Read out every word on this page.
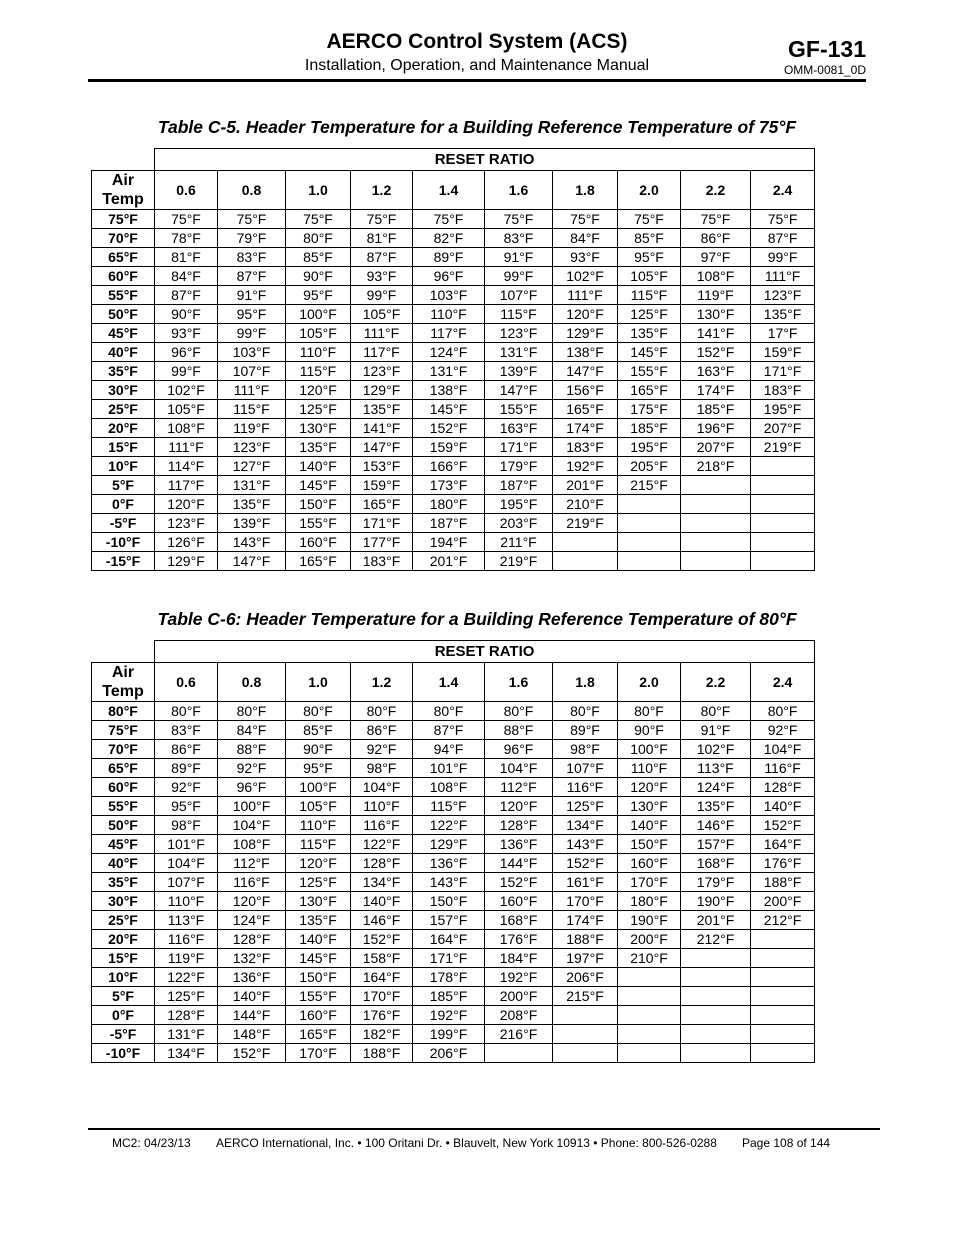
AERCO Control System (ACS)
Installation, Operation, and Maintenance Manual
GF-131
OMM-0081_0D
Table C-5. Header Temperature for a Building Reference Temperature of 75°F
	RESET RATIO									
Air Temp	0.6	0.8	1.0	1.2	1.4	1.6	1.8	2.0	2.2	2.4
75°F	75°F	75°F	75°F	75°F	75°F	75°F	75°F	75°F	75°F	75°F
70°F	78°F	79°F	80°F	81°F	82°F	83°F	84°F	85°F	86°F	87°F
65°F	81°F	83°F	85°F	87°F	89°F	91°F	93°F	95°F	97°F	99°F
60°F	84°F	87°F	90°F	93°F	96°F	99°F	102°F	105°F	108°F	111°F
55°F	87°F	91°F	95°F	99°F	103°F	107°F	111°F	115°F	119°F	123°F
50°F	90°F	95°F	100°F	105°F	110°F	115°F	120°F	125°F	130°F	135°F
45°F	93°F	99°F	105°F	111°F	117°F	123°F	129°F	135°F	141°F	17°F
40°F	96°F	103°F	110°F	117°F	124°F	131°F	138°F	145°F	152°F	159°F
35°F	99°F	107°F	115°F	123°F	131°F	139°F	147°F	155°F	163°F	171°F
30°F	102°F	111°F	120°F	129°F	138°F	147°F	156°F	165°F	174°F	183°F
25°F	105°F	115°F	125°F	135°F	145°F	155°F	165°F	175°F	185°F	195°F
20°F	108°F	119°F	130°F	141°F	152°F	163°F	174°F	185°F	196°F	207°F
15°F	111°F	123°F	135°F	147°F	159°F	171°F	183°F	195°F	207°F	219°F
10°F	114°F	127°F	140°F	153°F	166°F	179°F	192°F	205°F	218°F	
5°F	117°F	131°F	145°F	159°F	173°F	187°F	201°F	215°F		
0°F	120°F	135°F	150°F	165°F	180°F	195°F	210°F			
-5°F	123°F	139°F	155°F	171°F	187°F	203°F	219°F			
-10°F	126°F	143°F	160°F	177°F	194°F	211°F				
-15°F	129°F	147°F	165°F	183°F	201°F	219°F				
Table C-6: Header Temperature for a Building Reference Temperature of 80°F
	RESET RATIO									
Air Temp	0.6	0.8	1.0	1.2	1.4	1.6	1.8	2.0	2.2	2.4
80°F	80°F	80°F	80°F	80°F	80°F	80°F	80°F	80°F	80°F	80°F
75°F	83°F	84°F	85°F	86°F	87°F	88°F	89°F	90°F	91°F	92°F
70°F	86°F	88°F	90°F	92°F	94°F	96°F	98°F	100°F	102°F	104°F
65°F	89°F	92°F	95°F	98°F	101°F	104°F	107°F	110°F	113°F	116°F
60°F	92°F	96°F	100°F	104°F	108°F	112°F	116°F	120°F	124°F	128°F
55°F	95°F	100°F	105°F	110°F	115°F	120°F	125°F	130°F	135°F	140°F
50°F	98°F	104°F	110°F	116°F	122°F	128°F	134°F	140°F	146°F	152°F
45°F	101°F	108°F	115°F	122°F	129°F	136°F	143°F	150°F	157°F	164°F
40°F	104°F	112°F	120°F	128°F	136°F	144°F	152°F	160°F	168°F	176°F
35°F	107°F	116°F	125°F	134°F	143°F	152°F	161°F	170°F	179°F	188°F
30°F	110°F	120°F	130°F	140°F	150°F	160°F	170°F	180°F	190°F	200°F
25°F	113°F	124°F	135°F	146°F	157°F	168°F	174°F	190°F	201°F	212°F
20°F	116°F	128°F	140°F	152°F	164°F	176°F	188°F	200°F	212°F	
15°F	119°F	132°F	145°F	158°F	171°F	184°F	197°F	210°F		
10°F	122°F	136°F	150°F	164°F	178°F	192°F	206°F			
5°F	125°F	140°F	155°F	170°F	185°F	200°F	215°F			
0°F	128°F	144°F	160°F	176°F	192°F	208°F				
-5°F	131°F	148°F	165°F	182°F	199°F	216°F				
-10°F	134°F	152°F	170°F	188°F	206°F					
MC2: 04/23/13 AERCO International, Inc. • 100 Oritani Dr. • Blauvelt, New York 10913 • Phone: 800-526-0288 Page 108 of 144
